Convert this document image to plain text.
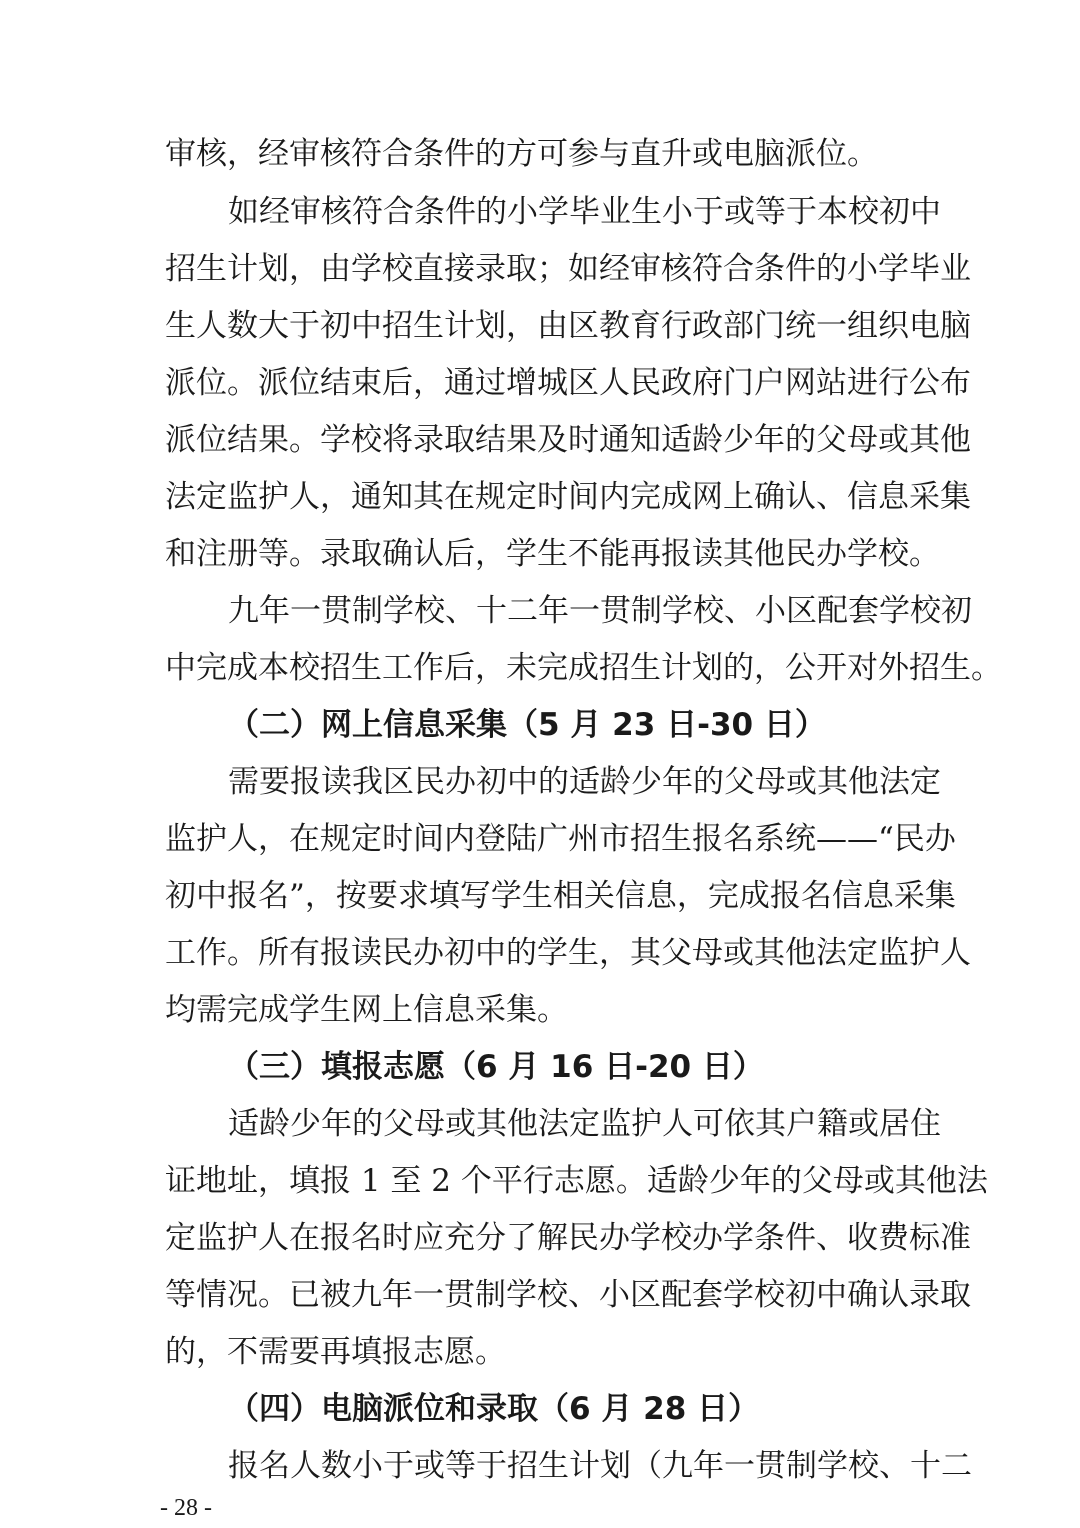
审核，经审核符合条件的方可参与直升或电脑派位。
如经审核符合条件的小学毕业生小于或等于本校初中
招生计划，由学校直接录取；如经审核符合条件的小学毕业
生人数大于初中招生计划，由区教育行政部门统一组织电脑
派位。派位结束后，通过增城区人民政府门户网站进行公布
派位结果。学校将录取结果及时通知适龄少年的父母或其他
法定监护人，通知其在规定时间内完成网上确认、信息采集
和注册等。录取确认后，学生不能再报读其他民办学校。
九年一贯制学校、十二年一贯制学校、小区配套学校初
中完成本校招生工作后，未完成招生计划的，公开对外招生。
（二）网上信息采集（5 月 23 日-30 日）
需要报读我区民办初中的适龄少年的父母或其他法定
监护人，在规定时间内登陆广州市招生报名系统——“民办
初中报名”，按要求填写学生相关信息，完成报名信息采集
工作。所有报读民办初中的学生，其父母或其他法定监护人
均需完成学生网上信息采集。
（三）填报志愿（6 月 16 日-20 日）
适龄少年的父母或其他法定监护人可依其户籍或居住
证地址，填报 1 至 2 个平行志愿。适龄少年的父母或其他法
定监护人在报名时应充分了解民办学校办学条件、收费标准
等情况。已被九年一贯制学校、小区配套学校初中确认录取
的，不需要再填报志愿。
（四）电脑派位和录取（6 月 28 日）
报名人数小于或等于招生计划（九年一贯制学校、十二
- 28 -
